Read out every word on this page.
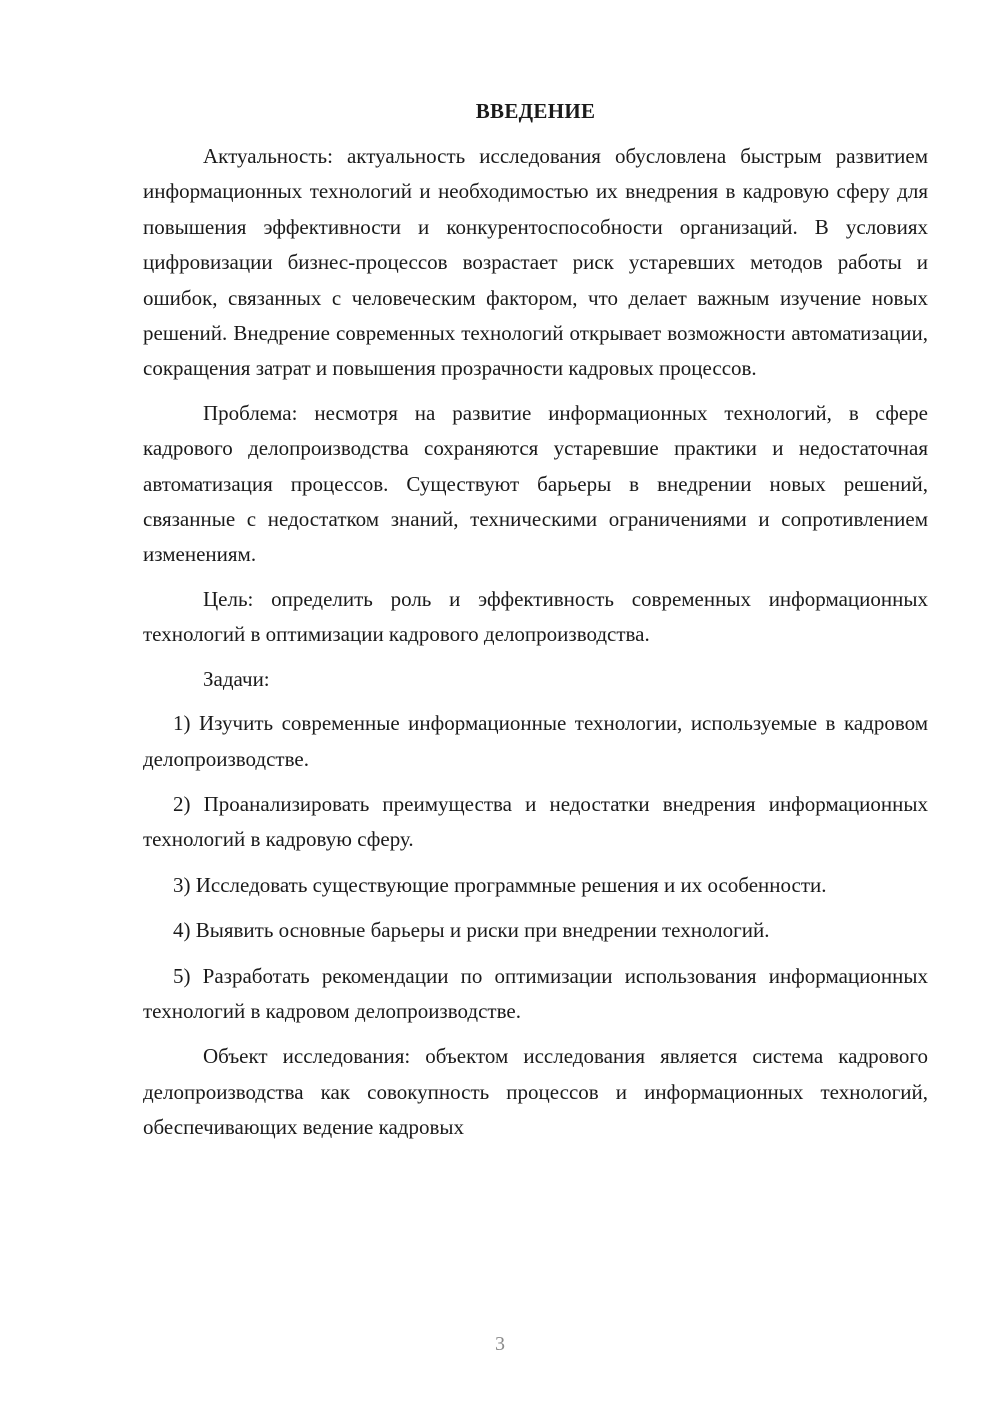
ВВЕДЕНИЕ

Актуальность: актуальность исследования обусловлена быстрым развитием информационных технологий и необходимостью их внедрения в кадровую сферу для повышения эффективности и конкурентоспособности организаций. В условиях цифровизации бизнес-процессов возрастает риск устаревших методов работы и ошибок, связанных с человеческим фактором, что делает важным изучение новых решений. Внедрение современных технологий открывает возможности автоматизации, сокращения затрат и повышения прозрачности кадровых процессов.

Проблема: несмотря на развитие информационных технологий, в сфере кадрового делопроизводства сохраняются устаревшие практики и недостаточная автоматизация процессов. Существуют барьеры в внедрении новых решений, связанные с недостатком знаний, техническими ограничениями и сопротивлением изменениям.

Цель: определить роль и эффективность современных информационных технологий в оптимизации кадрового делопроизводства.

Задачи:

1) Изучить современные информационные технологии, используемые в кадровом делопроизводстве.

2) Проанализировать преимущества и недостатки внедрения информационных технологий в кадровую сферу.

3) Исследовать существующие программные решения и их особенности.

4) Выявить основные барьеры и риски при внедрении технологий.

5) Разработать рекомендации по оптимизации использования информационных технологий в кадровом делопроизводстве.

Объект исследования: объектом исследования является система кадрового делопроизводства как совокупность процессов и информационных технологий, обеспечивающих ведение кадровых

3
